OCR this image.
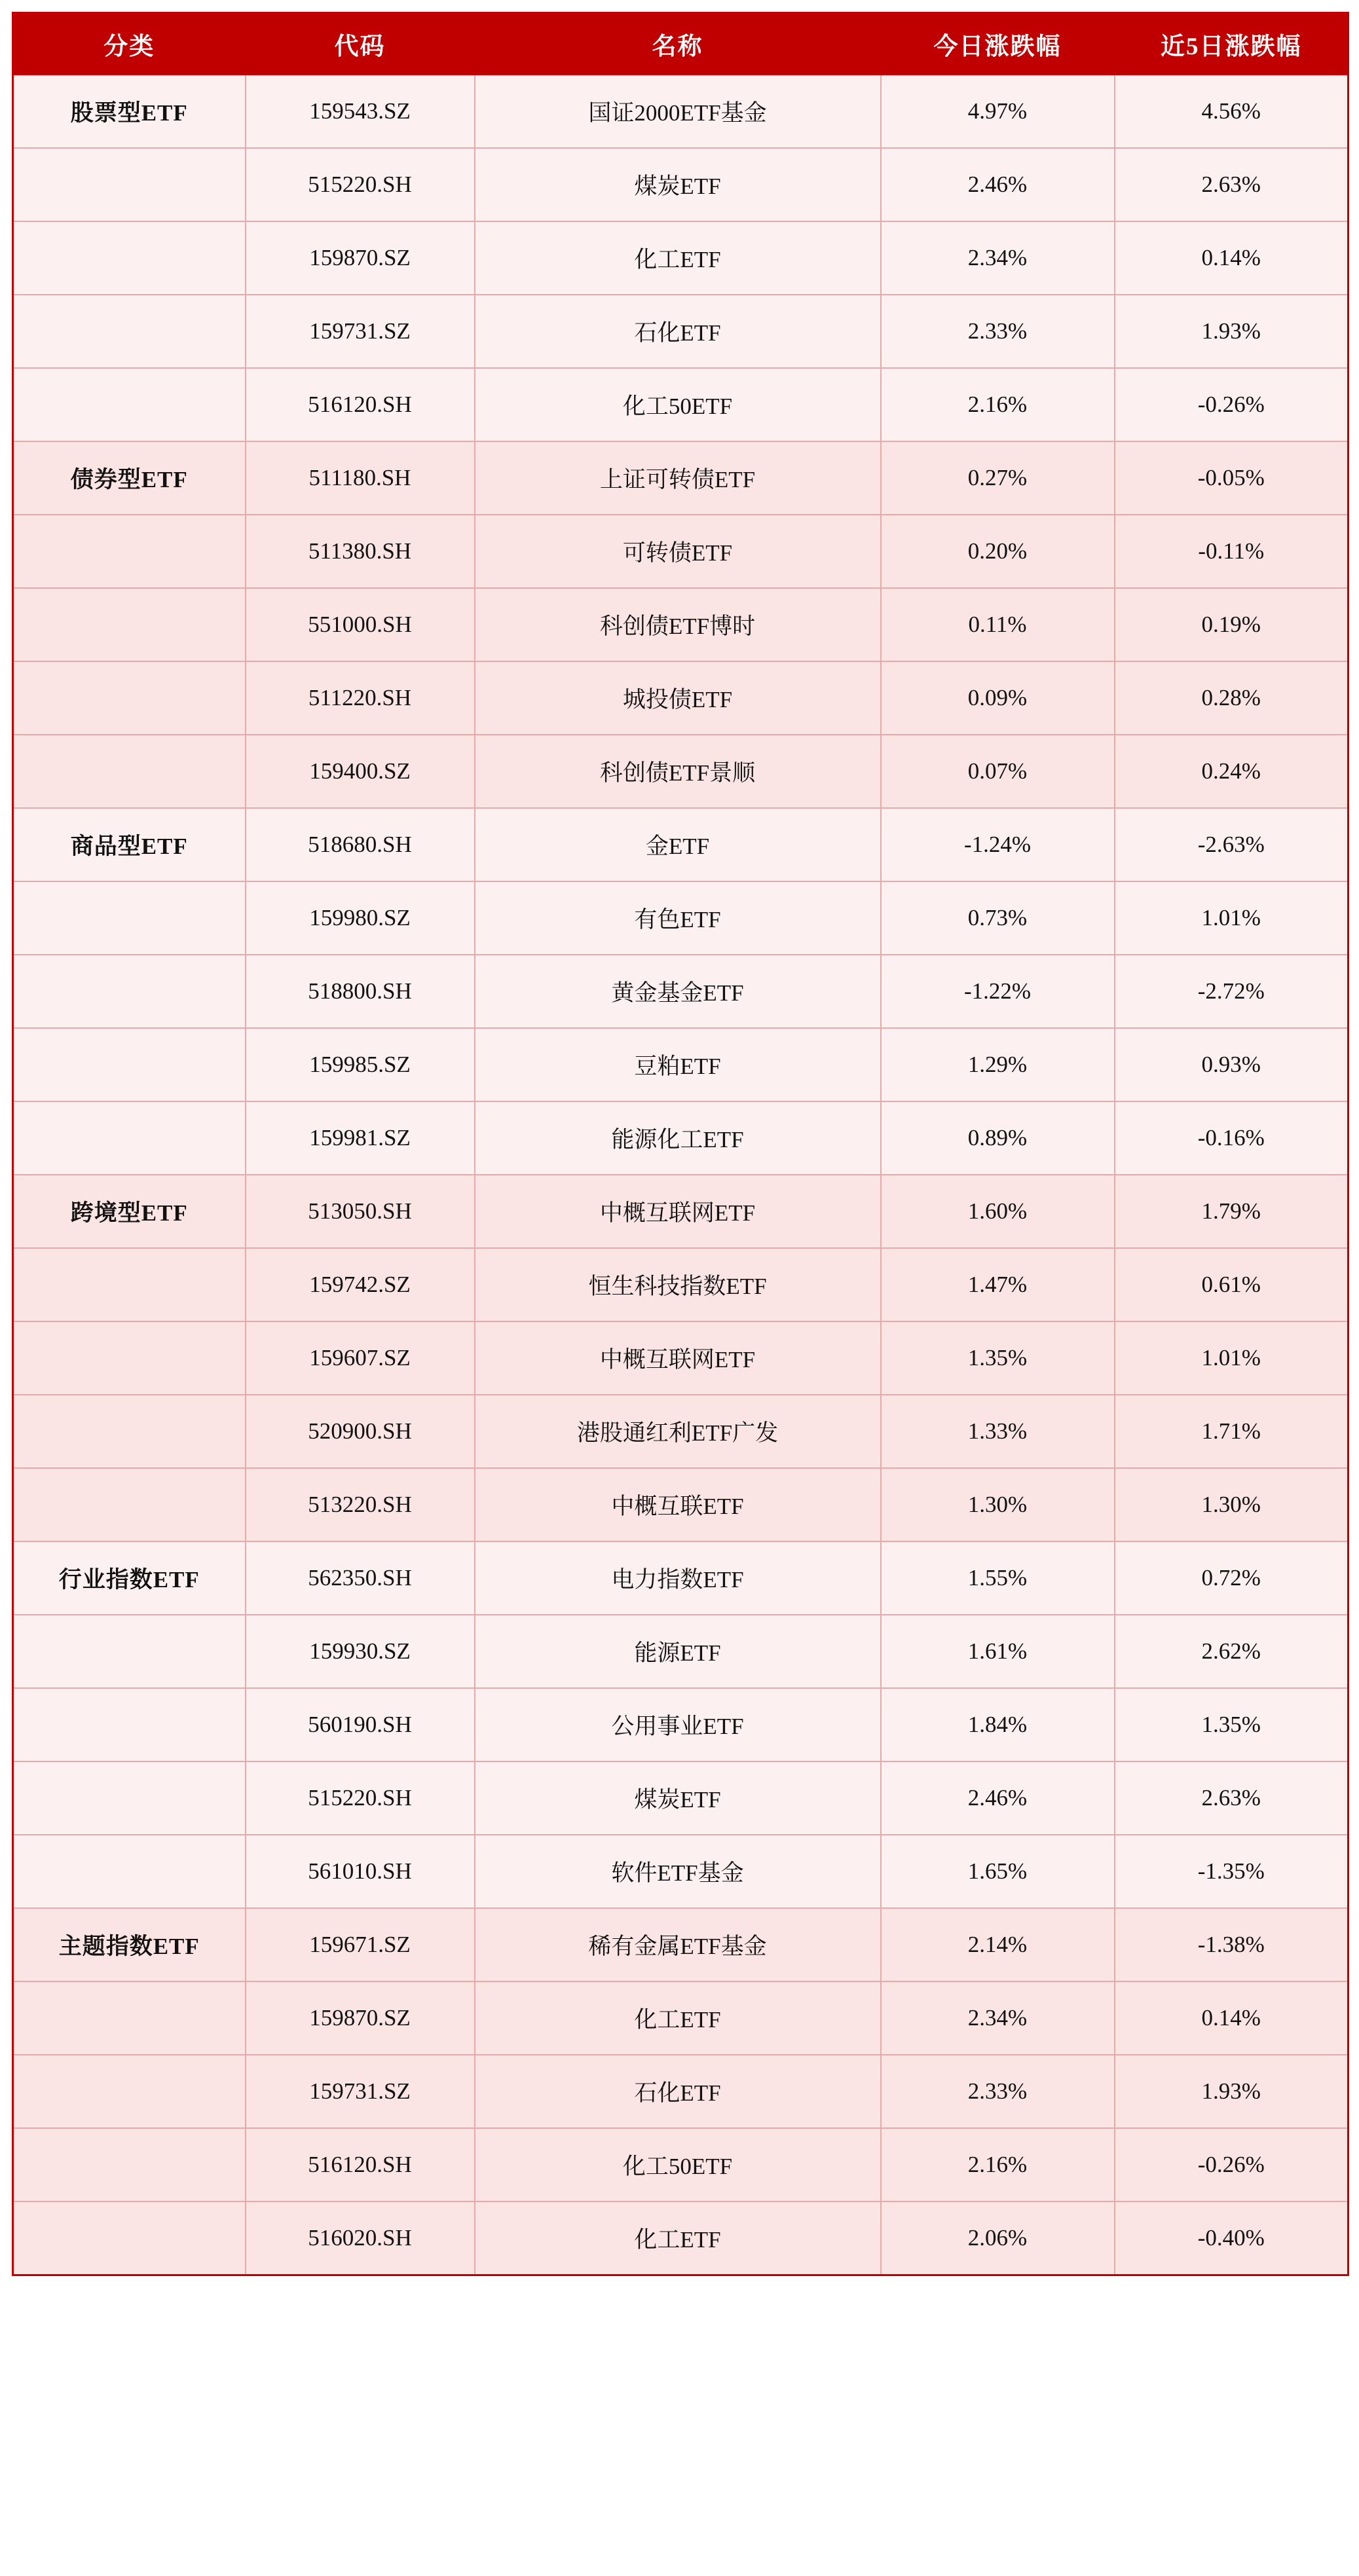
分类	代码	名称	今日涨跌幅	近5日涨跌幅
股票型ETF	159543.SZ	国证2000ETF基金	4.97%	4.56%
	515220.SH	煤炭ETF	2.46%	2.63%
	159870.SZ	化工ETF	2.34%	0.14%
	159731.SZ	石化ETF	2.33%	1.93%
	516120.SH	化工50ETF	2.16%	-0.26%
债券型ETF	511180.SH	上证可转债ETF	0.27%	-0.05%
	511380.SH	可转债ETF	0.20%	-0.11%
	551000.SH	科创债ETF博时	0.11%	0.19%
	511220.SH	城投债ETF	0.09%	0.28%
	159400.SZ	科创债ETF景顺	0.07%	0.24%
商品型ETF	518680.SH	金ETF	-1.24%	-2.63%
	159980.SZ	有色ETF	0.73%	1.01%
	518800.SH	黄金基金ETF	-1.22%	-2.72%
	159985.SZ	豆粕ETF	1.29%	0.93%
	159981.SZ	能源化工ETF	0.89%	-0.16%
跨境型ETF	513050.SH	中概互联网ETF	1.60%	1.79%
	159742.SZ	恒生科技指数ETF	1.47%	0.61%
	159607.SZ	中概互联网ETF	1.35%	1.01%
	520900.SH	港股通红利ETF广发	1.33%	1.71%
	513220.SH	中概互联ETF	1.30%	1.30%
行业指数ETF	562350.SH	电力指数ETF	1.55%	0.72%
	159930.SZ	能源ETF	1.61%	2.62%
	560190.SH	公用事业ETF	1.84%	1.35%
	515220.SH	煤炭ETF	2.46%	2.63%
	561010.SH	软件ETF基金	1.65%	-1.35%
主题指数ETF	159671.SZ	稀有金属ETF基金	2.14%	-1.38%
	159870.SZ	化工ETF	2.34%	0.14%
	159731.SZ	石化ETF	2.33%	1.93%
	516120.SH	化工50ETF	2.16%	-0.26%
	516020.SH	化工ETF	2.06%	-0.40%
